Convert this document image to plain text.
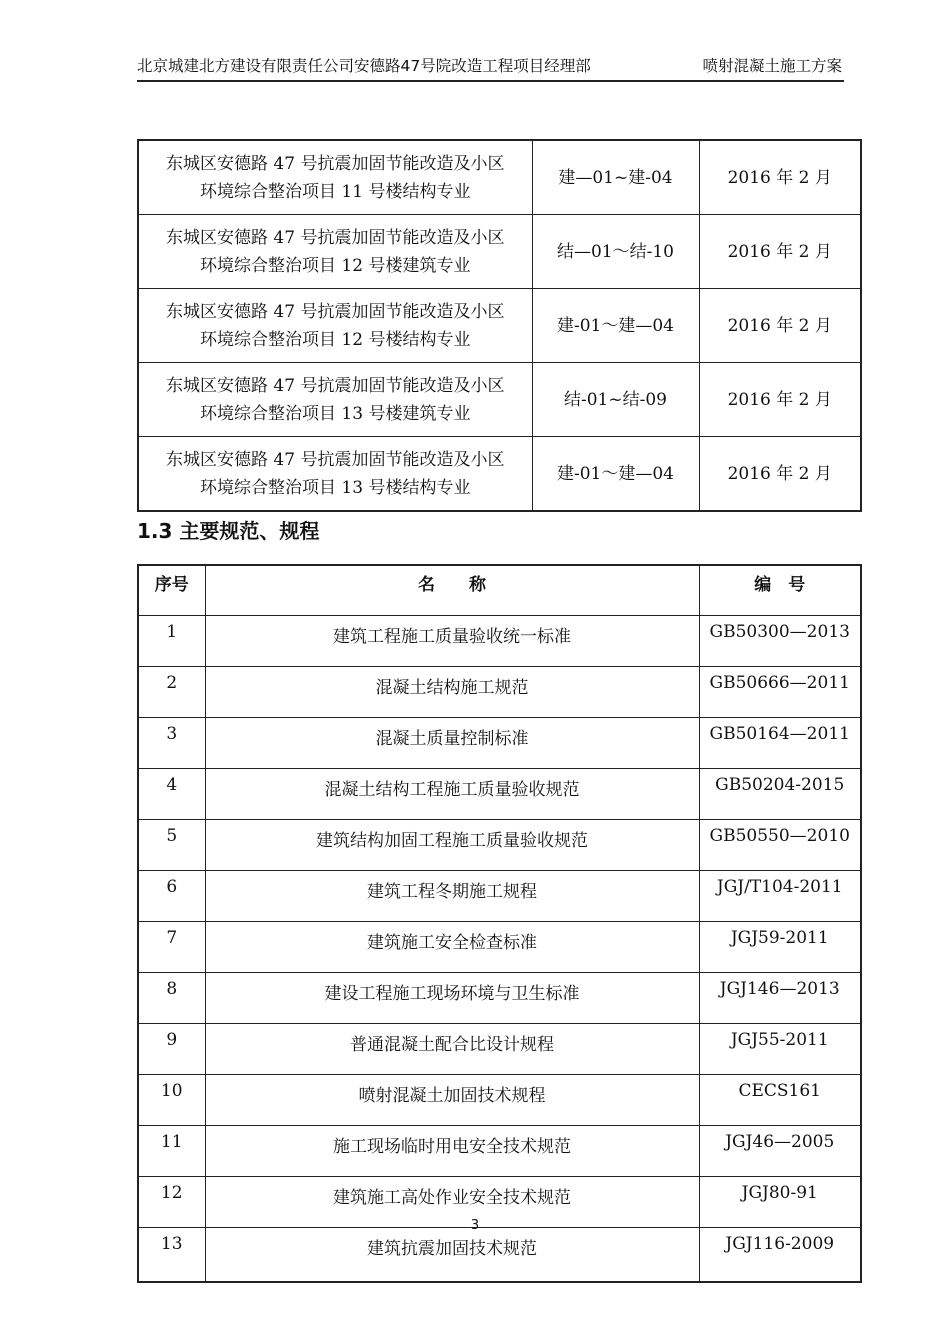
北京城建北方建设有限责任公司安德路47号院改造工程项目经理部	喷射混凝土施工方案
东城区安德路 47 号抗震加固节能改造及小区
环境综合整治项目 11 号楼结构专业	建—01~建-04	2016 年 2 月

东城区安德路 47 号抗震加固节能改造及小区
环境综合整治项目 12 号楼建筑专业	结—01～结-10	2016 年 2 月

东城区安德路 47 号抗震加固节能改造及小区
环境综合整治项目 12 号楼结构专业	建-01～建—04	2016 年 2 月

东城区安德路 47 号抗震加固节能改造及小区
环境综合整治项目 13 号楼建筑专业	结-01~结-09	2016 年 2 月

东城区安德路 47 号抗震加固节能改造及小区
环境综合整治项目 13 号楼结构专业	建-01～建—04	2016 年 2 月
1.3 主要规范、规程
序号	名　　称	编　号
1	建筑工程施工质量验收统一标准	GB50300—2013
2	混凝土结构施工规范	GB50666—2011
3	混凝土质量控制标准	GB50164—2011
4	混凝土结构工程施工质量验收规范	GB50204-2015
5	建筑结构加固工程施工质量验收规范	GB50550—2010
6	建筑工程冬期施工规程	JGJ/T104-2011
7	建筑施工安全检查标准	JGJ59-2011
8	建设工程施工现场环境与卫生标准	JGJ146—2013
9	普通混凝土配合比设计规程	JGJ55-2011
10	喷射混凝土加固技术规程	CECS161
11	施工现场临时用电安全技术规范	JGJ46—2005
12	建筑施工高处作业安全技术规范	JGJ80-91
13	建筑抗震加固技术规范	JGJ116-2009
3
